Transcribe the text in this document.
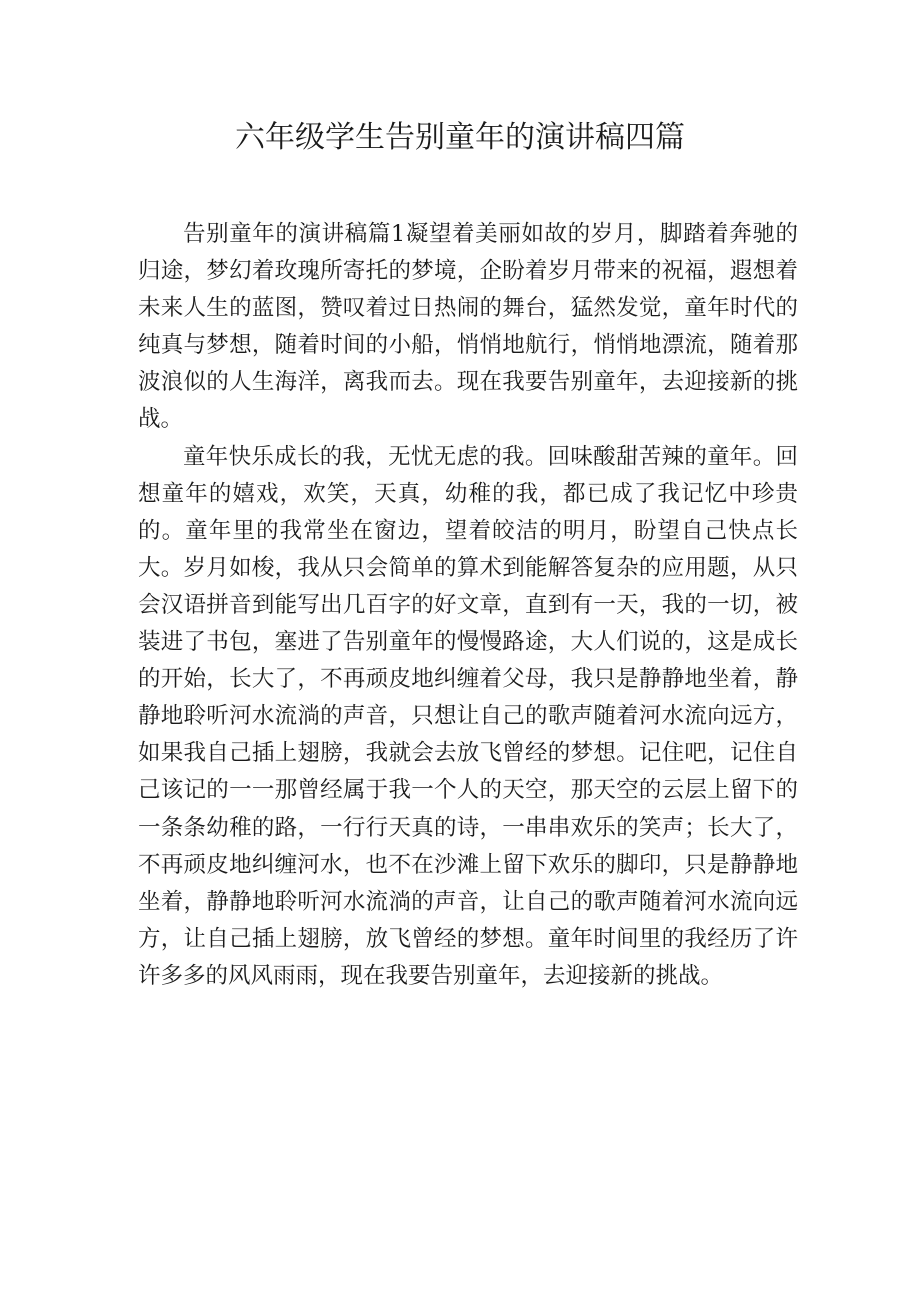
六年级学生告别童年的演讲稿四篇

告别童年的演讲稿篇1凝望着美丽如故的岁月，脚踏着奔驰的归途，梦幻着玫瑰所寄托的梦境，企盼着岁月带来的祝福，遐想着未来人生的蓝图，赞叹着过日热闹的舞台，猛然发觉，童年时代的纯真与梦想，随着时间的小船，悄悄地航行，悄悄地漂流，随着那波浪似的人生海洋，离我而去。现在我要告别童年，去迎接新的挑战。

童年快乐成长的我，无忧无虑的我。回味酸甜苦辣的童年。回想童年的嬉戏，欢笑，天真，幼稚的我，都已成了我记忆中珍贵的。童年里的我常坐在窗边，望着皎洁的明月，盼望自己快点长大。岁月如梭，我从只会简单的算术到能解答复杂的应用题，从只会汉语拼音到能写出几百字的好文章，直到有一天，我的一切，被装进了书包，塞进了告别童年的慢慢路途，大人们说的，这是成长的开始，长大了，不再顽皮地纠缠着父母，我只是静静地坐着，静静地聆听河水流淌的声音，只想让自己的歌声随着河水流向远方，如果我自己插上翅膀，我就会去放飞曾经的梦想。记住吧，记住自己该记的一一那曾经属于我一个人的天空，那天空的云层上留下的一条条幼稚的路，一行行天真的诗，一串串欢乐的笑声；长大了，不再顽皮地纠缠河水，也不在沙滩上留下欢乐的脚印，只是静静地坐着，静静地聆听河水流淌的声音，让自己的歌声随着河水流向远方，让自己插上翅膀，放飞曾经的梦想。童年时间里的我经历了许许多多的风风雨雨，现在我要告别童年，去迎接新的挑战。
